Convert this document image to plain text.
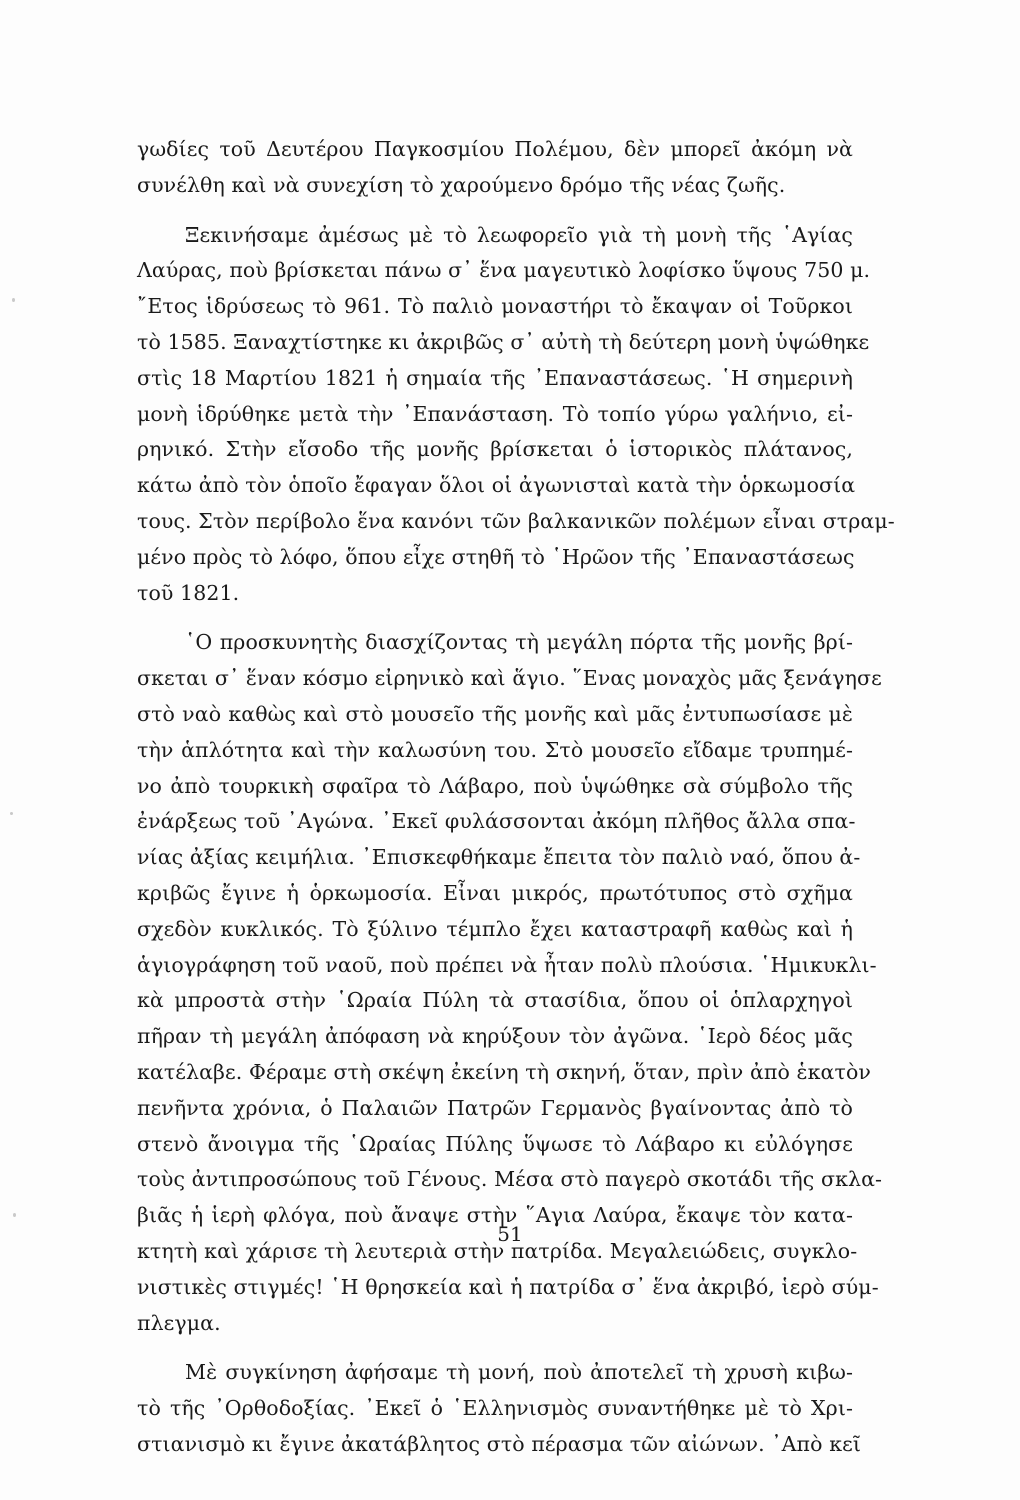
γωδίες τοῦ Δευτέρου Παγκοσμίου Πολέμου, δὲν μπορεῖ ἀκόμη νὰ
συνέλθη καὶ νὰ συνεχίση τὸ χαρούμενο δρόμο τῆς νέας ζωῆς.
Ξεκινήσαμε ἀμέσως μὲ τὸ λεωφορεῖο γιὰ τὴ μονὴ τῆς ῾Αγίας
Λαύρας, ποὺ βρίσκεται πάνω σ᾽ ἕνα μαγευτικὸ λοφίσκο ὕψους 750 μ.
῎Ετος ἱδρύσεως τὸ 961. Τὸ παλιὸ μοναστήρι τὸ ἔκαψαν οἱ Τοῦρκοι
τὸ 1585. Ξαναχτίστηκε κι ἀκριβῶς σ᾽ αὐτὴ τὴ δεύτερη μονὴ ὑψώθηκε
στὶς 18 Μαρτίου 1821 ἡ σημαία τῆς ᾽Επαναστάσεως. ῾Η σημερινὴ
μονὴ ἱδρύθηκε μετὰ τὴν ᾽Επανάσταση. Τὸ τοπίο γύρω γαλήνιο, εἰ-
ρηνικό. Στὴν εἴσοδο τῆς μονῆς βρίσκεται ὁ ἱστορικὸς πλάτανος,
κάτω ἀπὸ τὸν ὁποῖο ἔφαγαν ὅλοι οἱ ἀγωνισταὶ κατὰ τὴν ὁρκωμοσία
τους. Στὸν περίβολο ἕνα κανόνι τῶν βαλκανικῶν πολέμων εἶναι στραμ-
μένο πρὸς τὸ λόφο, ὅπου εἶχε στηθῆ τὸ ῾Ηρῶον τῆς ᾽Επαναστάσεως
τοῦ 1821.
῾Ο προσκυνητὴς διασχίζοντας τὴ μεγάλη πόρτα τῆς μονῆς βρί-
σκεται σ᾽ ἕναν κόσμο εἰρηνικὸ καὶ ἅγιο. ῞Ενας μοναχὸς μᾶς ξενάγησε
στὸ ναὸ καθὼς καὶ στὸ μουσεῖο τῆς μονῆς καὶ μᾶς ἐντυπωσίασε μὲ
τὴν ἁπλότητα καὶ τὴν καλωσύνη του. Στὸ μουσεῖο εἴδαμε τρυπημέ-
νο ἀπὸ τουρκικὴ σφαῖρα τὸ Λάβαρο, ποὺ ὑψώθηκε σὰ σύμβολο τῆς
ἐνάρξεως τοῦ ᾽Αγώνα. ᾽Εκεῖ φυλάσσονται ἀκόμη πλῆθος ἄλλα σπα-
νίας ἀξίας κειμήλια. ᾽Επισκεφθήκαμε ἔπειτα τὸν παλιὸ ναό, ὅπου ἀ-
κριβῶς ἔγινε ἡ ὁρκωμοσία. Εἶναι μικρός, πρωτότυπος στὸ σχῆμα
σχεδὸν κυκλικός. Τὸ ξύλινο τέμπλο ἔχει καταστραφῆ καθὼς καὶ ἡ
ἁγιογράφηση τοῦ ναοῦ, ποὺ πρέπει νὰ ἦταν πολὺ πλούσια. ῾Ημικυκλι-
κὰ μπροστὰ στὴν ῾Ωραία Πύλη τὰ στασίδια, ὅπου οἱ ὁπλαρχηγοὶ
πῆραν τὴ μεγάλη ἀπόφαση νὰ κηρύξουν τὸν ἀγῶνα. ῾Ιερὸ δέος μᾶς
κατέλαβε. Φέραμε στὴ σκέψη ἐκείνη τὴ σκηνή, ὅταν, πρὶν ἀπὸ ἑκατὸν
πενῆντα χρόνια, ὁ Παλαιῶν Πατρῶν Γερμανὸς βγαίνοντας ἀπὸ τὸ
στενὸ ἄνοιγμα τῆς ῾Ωραίας Πύλης ὕψωσε τὸ Λάβαρο κι εὐλόγησε
τοὺς ἀντιπροσώπους τοῦ Γένους. Μέσα στὸ παγερὸ σκοτάδι τῆς σκλα-
βιᾶς ἡ ἱερὴ φλόγα, ποὺ ἄναψε στὴν ῞Αγια Λαύρα, ἔκαψε τὸν κατα-
κτητὴ καὶ χάρισε τὴ λευτεριὰ στὴν πατρίδα. Μεγαλειώδεις, συγκλο-
νιστικὲς στιγμές! ῾Η θρησκεία καὶ ἡ πατρίδα σ᾽ ἕνα ἀκριβό, ἱερὸ σύμ-
πλεγμα.
Μὲ συγκίνηση ἀφήσαμε τὴ μονή, ποὺ ἀποτελεῖ τὴ χρυσὴ κιβω-
τὸ τῆς ᾽Ορθοδοξίας. ᾽Εκεῖ ὁ ῾Ελληνισμὸς συναντήθηκε μὲ τὸ Χρι-
στιανισμὸ κι ἔγινε ἀκατάβλητος στὸ πέρασμα τῶν αἰώνων. ᾽Απὸ κεῖ
51
